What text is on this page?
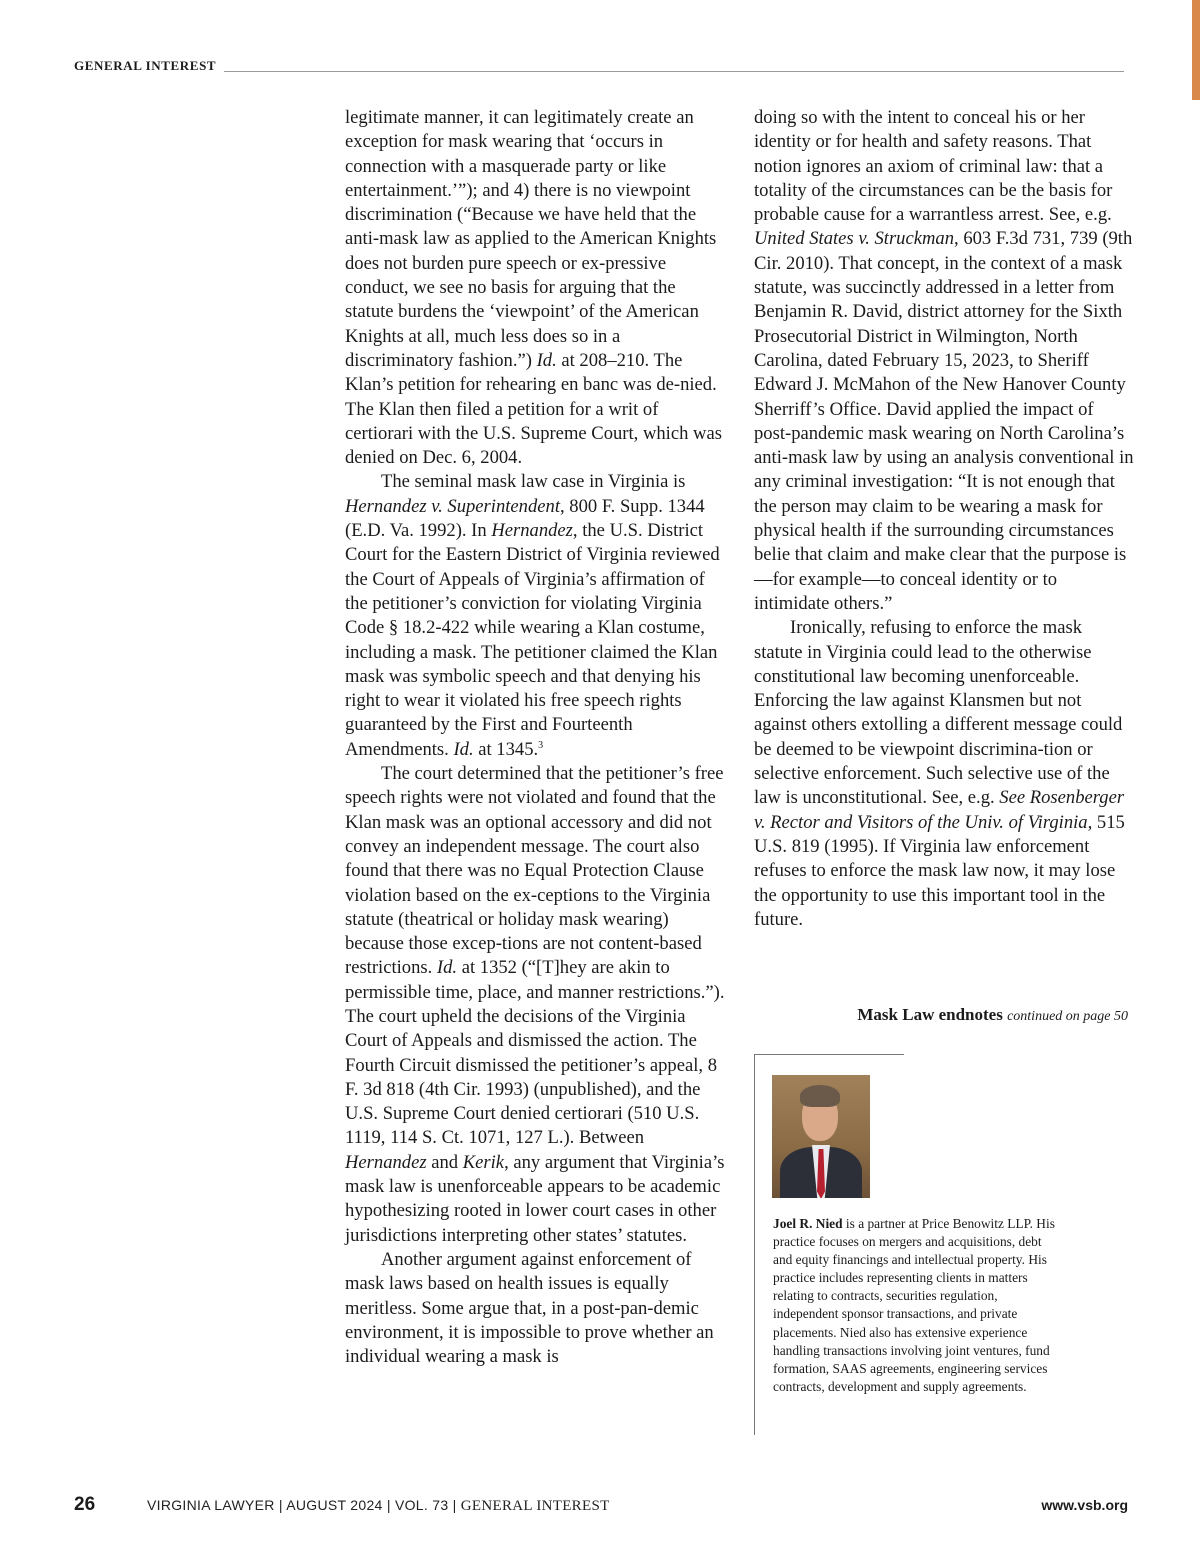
GENERAL INTEREST

legitimate manner, it can legitimately create an exception for mask wearing that ‘occurs in connection with a masquerade party or like entertainment.’”); and 4) there is no viewpoint discrimination (“Because we have held that the anti-mask law as applied to the American Knights does not burden pure speech or ex-pressive conduct, we see no basis for arguing that the statute burdens the ‘viewpoint’ of the American Knights at all, much less does so in a discriminatory fashion.”) Id. at 208–210. The Klan’s petition for rehearing en banc was de-nied. The Klan then filed a petition for a writ of certiorari with the U.S. Supreme Court, which was denied on Dec. 6, 2004.

The seminal mask law case in Virginia is Hernandez v. Superintendent, 800 F. Supp. 1344 (E.D. Va. 1992). In Hernandez, the U.S. District Court for the Eastern District of Virginia reviewed the Court of Appeals of Virginia’s affirmation of the petitioner’s conviction for violating Virginia Code § 18.2-422 while wearing a Klan costume, including a mask. The petitioner claimed the Klan mask was symbolic speech and that denying his right to wear it violated his free speech rights guaranteed by the First and Fourteenth Amendments. Id. at 1345.$^3$

The court determined that the petitioner’s free speech rights were not violated and found that the Klan mask was an optional accessory and did not convey an independent message. The court also found that there was no Equal Protection Clause violation based on the ex-ceptions to the Virginia statute (theatrical or holiday mask wearing) because those excep-tions are not content-based restrictions. Id. at 1352 (“[T]hey are akin to permissible time, place, and manner restrictions.”). The court upheld the decisions of the Virginia Court of Appeals and dismissed the action. The Fourth Circuit dismissed the petitioner’s appeal, 8 F. 3d 818 (4th Cir. 1993) (unpublished), and the U.S. Supreme Court denied certiorari (510 U.S. 1119, 114 S. Ct. 1071, 127 L.). Between Hernandez and Kerik, any argument that Virginia’s mask law is unenforceable appears to be academic hypothesizing rooted in lower court cases in other jurisdictions interpreting other states’ statutes.

Another argument against enforcement of mask laws based on health issues is equally meritless. Some argue that, in a post-pan-demic environment, it is impossible to prove whether an individual wearing a mask is

doing so with the intent to conceal his or her identity or for health and safety reasons. That notion ignores an axiom of criminal law: that a totality of the circumstances can be the basis for probable cause for a warrantless arrest. See, e.g. United States v. Struckman, 603 F.3d 731, 739 (9th Cir. 2010). That concept, in the context of a mask statute, was succinctly addressed in a letter from Benjamin R. David, district attorney for the Sixth Prosecutorial District in Wilmington, North Carolina, dated February 15, 2023, to Sheriff Edward J. McMahon of the New Hanover County Sherriff’s Office. David applied the impact of post-pandemic mask wearing on North Carolina’s anti-mask law by using an analysis conventional in any criminal investigation: “It is not enough that the person may claim to be wearing a mask for physical health if the surrounding circumstances belie that claim and make clear that the purpose is—for example—to conceal identity or to intimidate others.”

Ironically, refusing to enforce the mask statute in Virginia could lead to the otherwise constitutional law becoming unenforceable. Enforcing the law against Klansmen but not against others extolling a different message could be deemed to be viewpoint discrimina-tion or selective enforcement. Such selective use of the law is unconstitutional. See, e.g. See Rosenberger v. Rector and Visitors of the Univ. of Virginia, 515 U.S. 819 (1995). If Virginia law enforcement refuses to enforce the mask law now, it may lose the opportunity to use this important tool in the future.

Mask Law endnotes continued on page 50
Joel R. Nied is a partner at Price Benowitz LLP. His practice focuses on mergers and acquisitions, debt and equity financings and intellectual property. His practice includes representing clients in matters relating to contracts, securities regulation, independent sponsor transactions, and private placements. Nied also has extensive experience handling transactions involving joint ventures, fund formation, SAAS agreements, engineering services contracts, development and supply agreements.
26	VIRGINIA LAWYER | AUGUST 2024 | VOL. 73 | GENERAL INTEREST	www.vsb.org
